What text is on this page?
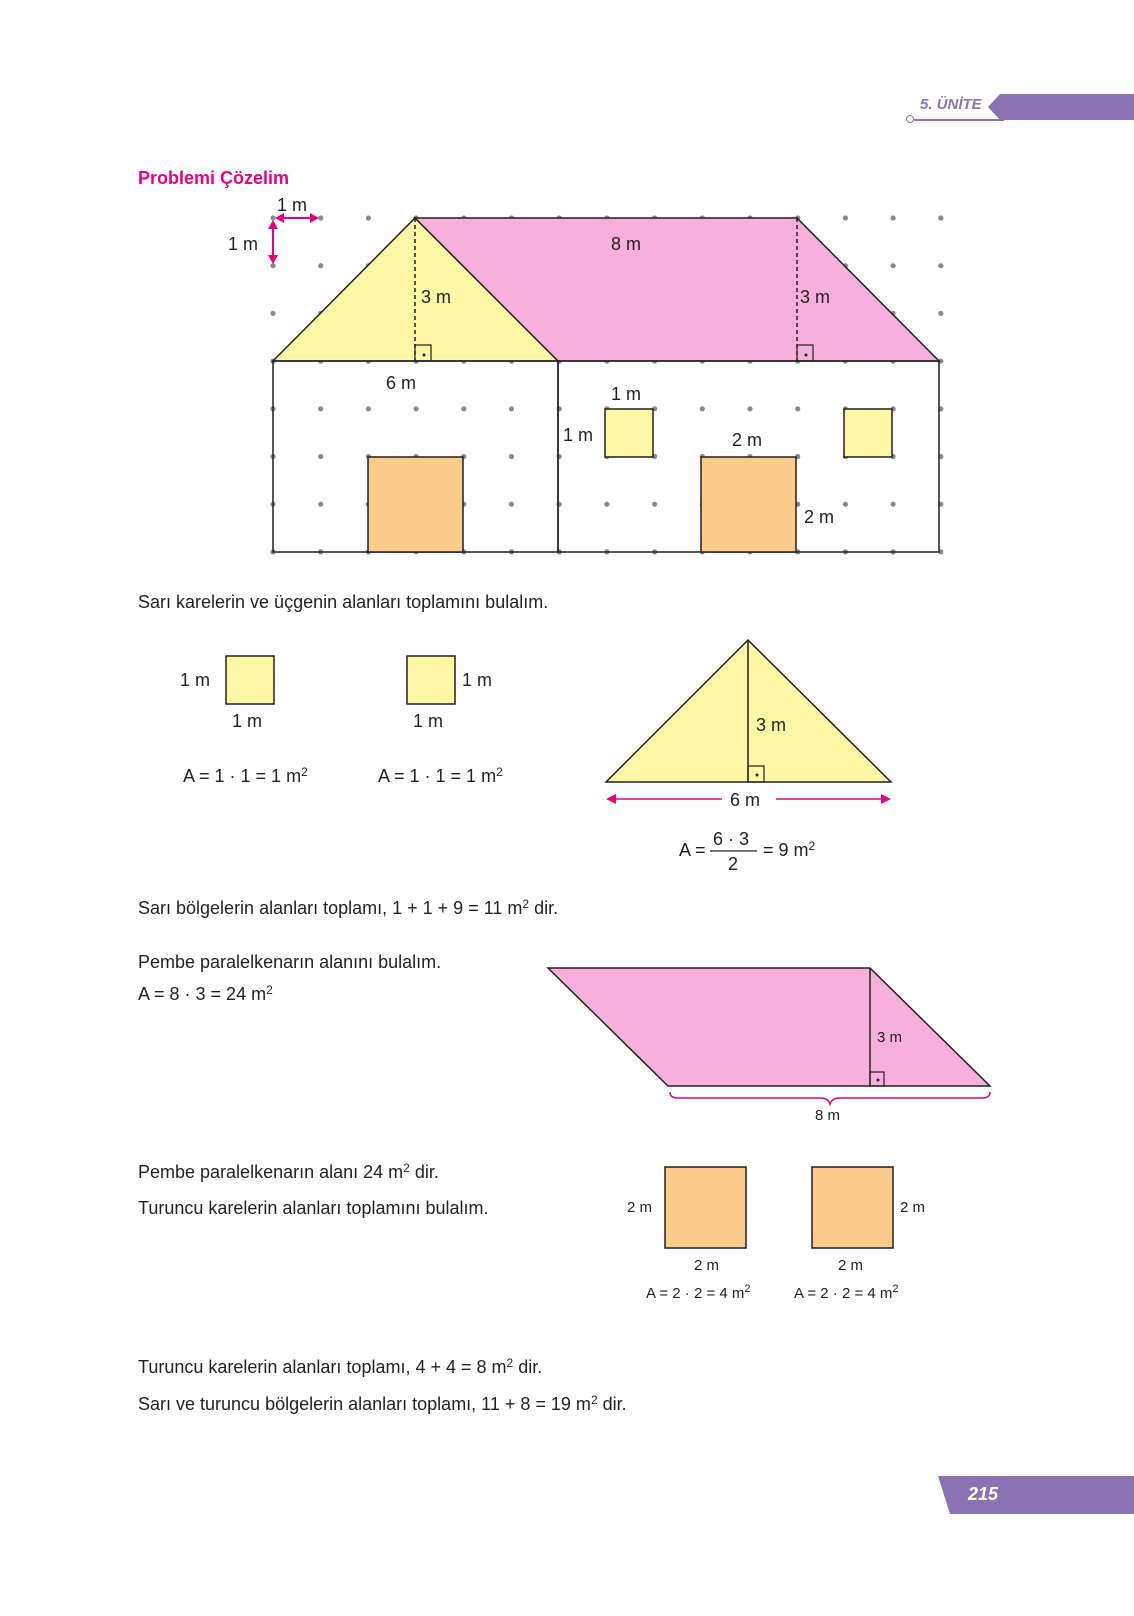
5. ÜNİTE
Problemi Çözelim
1 m
1 m	8 m
3 m	3 m
6 m
1 m
1 m	2 m
2 m
Sarı karelerin ve üçgenin alanları toplamını bulalım.
1 m
1 m
1 m
1 m	3 m
6 m
A = 1 · 1 = 1 $m^2$	A = 1 · 1 = 1 $m^2$
A =
6 · 3
2
= 9 $m^2$
Sarı bölgelerin alanları toplamı, 1 + 1 + 9 = 11 $m^2$ dir.
Pembe paralelkenarın alanını bulalım.
A = 8 · 3 = 24 $m^2$
3 m
8 m
Pembe paralelkenarın alanı 24 $m^2$ dir.
Turuncu karelerin alanları toplamını bulalım.	2 m
2 m
2 m
2 m
A = 2 · 2 = 4 $m^2$	A = 2 · 2 = 4 $m^2$
Turuncu karelerin alanları toplamı, 4 + 4 = 8 $m^2$ dir.
Sarı ve turuncu bölgelerin alanları toplamı, 11 + 8 = 19 $m^2$ dir.
215
